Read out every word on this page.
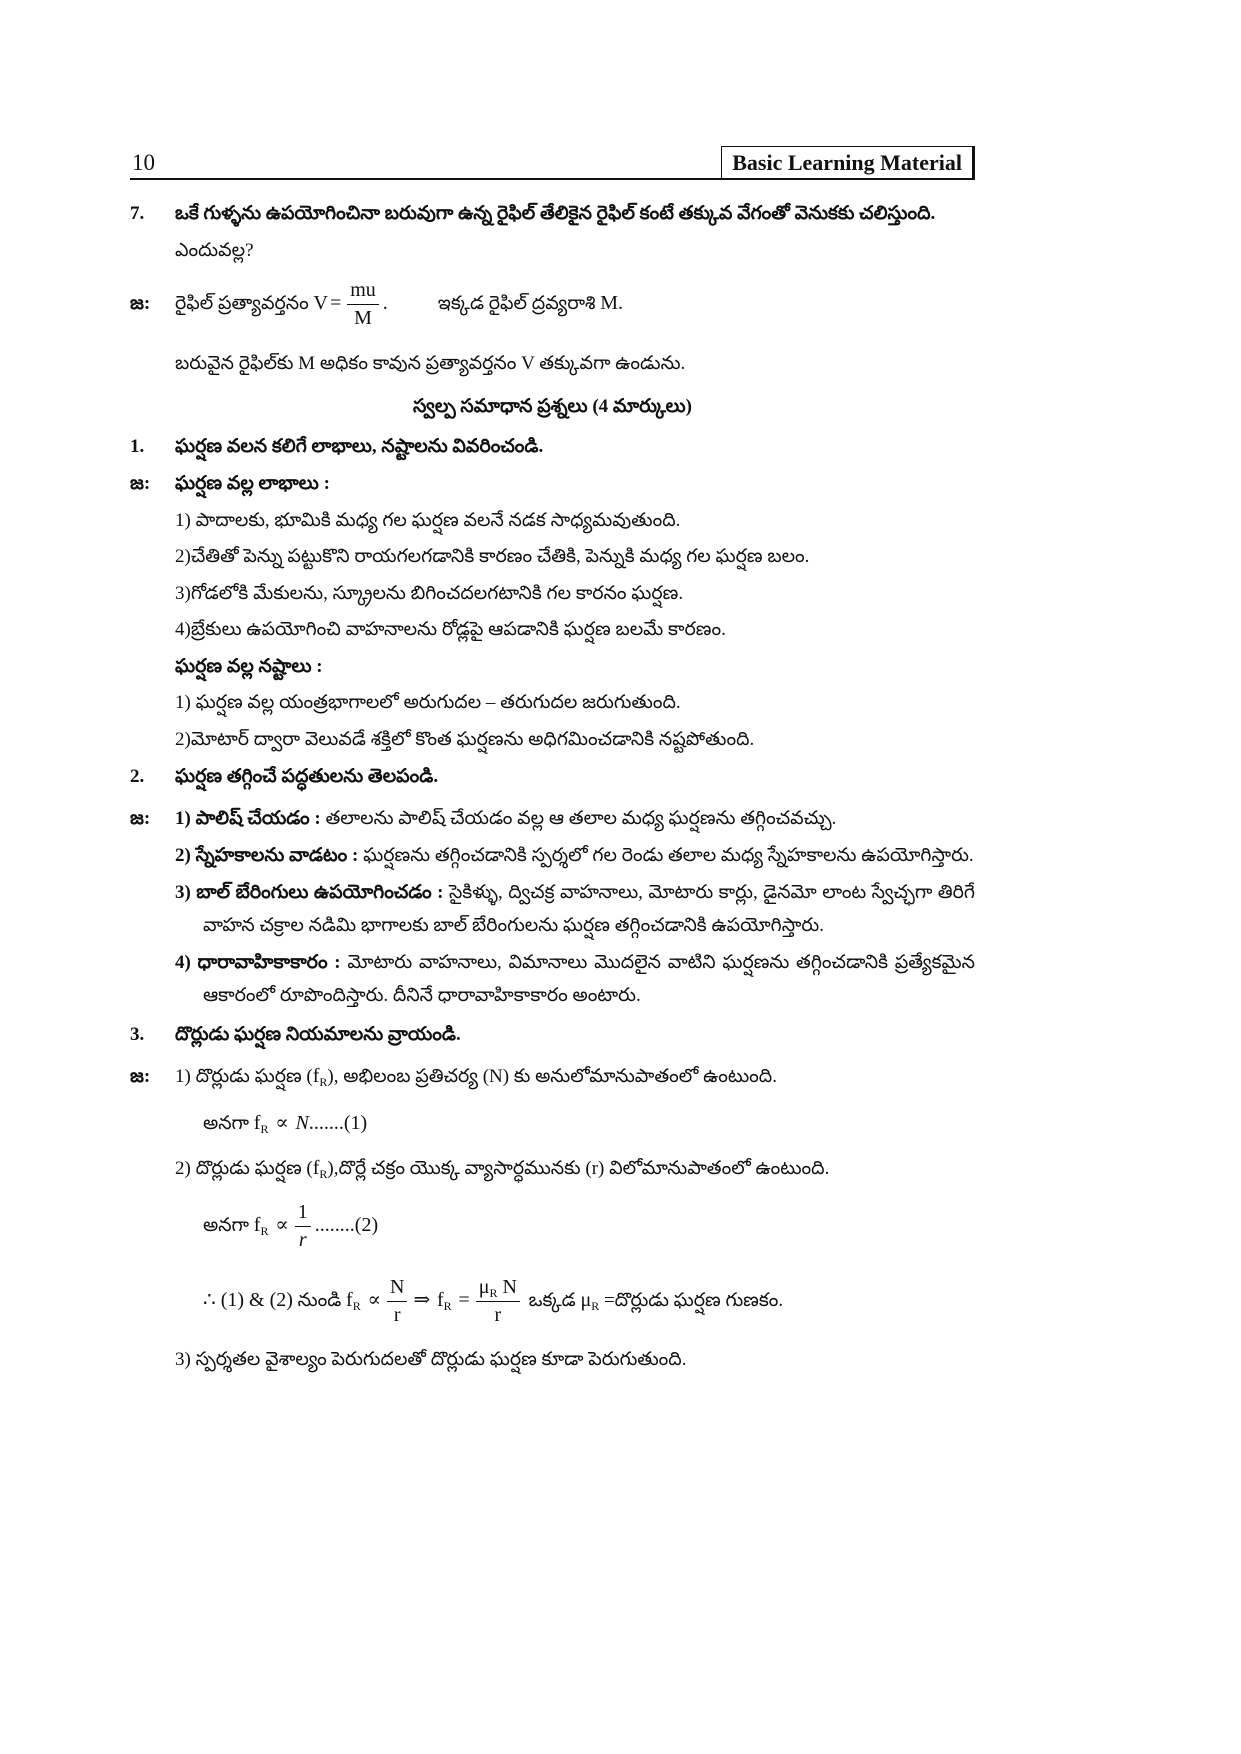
10	Basic Learning Material
7.	ఒకే గుళ్ళను ఉపయోగించినా బరువుగా ఉన్న రైఫిల్ తేలికైన రైఫిల్ కంటే తక్కువ వేగంతో వెనుకకు చలిస్తుంది.
ఎందువల్ల?
జ:	రైఫిల్ ప్రత్యావర్తనం $V = \frac{mu}{M}$ .	ఇక్కడ రైఫిల్ ద్రవ్యరాశి M.
బరువైన రైఫిల్‌కు M అధికం కావున ప్రత్యావర్తనం V తక్కువగా ఉండును.
స్వల్ప సమాధాన ప్రశ్నలు (4 మార్కులు)
1.	ఘర్షణ వలన కలిగే లాభాలు, నష్టాలను వివరించండి.
జ:	ఘర్షణ వల్ల లాభాలు :
1) పాదాలకు, భూమికి మధ్య గల ఘర్షణ వలనే నడక సాధ్యమవుతుంది.
2)చేతితో పెన్ను పట్టుకొని రాయగలగడానికి కారణం చేతికి, పెన్నుకి మధ్య గల ఘర్షణ బలం.
3)గోడలోకి మేకులను, స్క్రూలను బిగించదలగటానికి గల కారనం ఘర్షణ.
4)బ్రేకులు ఉపయోగించి వాహనాలను రోడ్లపై ఆపడానికి ఘర్షణ బలమే కారణం.
ఘర్షణ వల్ల నష్టాలు :
1) ఘర్షణ వల్ల యంత్రభాగాలలో అరుగుదల – తరుగుదల జరుగుతుంది.
2)మోటార్ ద్వారా వెలువడే శక్తిలో కొంత ఘర్షణను అధిగమించడానికి నష్టపోతుంది.
2.	ఘర్షణ తగ్గించే పద్ధతులను తెలపండి.
జ:	1) పాలిష్ చేయడం : తలాలను పాలిష్ చేయడం వల్ల ఆ తలాల మధ్య ఘర్షణను తగ్గించవచ్చు.
2) స్నేహకాలను వాడటం : ఘర్షణను తగ్గించడానికి స్పర్శలో గల రెండు తలాల మధ్య స్నేహకాలను ఉపయోగిస్తారు.
3) బాల్ బేరింగులు ఉపయోగించడం : సైకిళ్ళు, ద్విచక్ర వాహనాలు, మోటారు కార్లు, డైనమో లాంట స్వేచ్ఛగా తిరిగే వాహన చక్రాల నడిమి భాగాలకు బాల్ బేరింగులను ఘర్షణ తగ్గించడానికి ఉపయోగిస్తారు.
4) ధారావాహికాకారం : మోటారు వాహనాలు, విమానాలు మొదలైన వాటిని ఘర్షణను తగ్గించడానికి ప్రత్యేకమైన ఆకారంలో రూపొందిస్తారు. దీనినే ధారావాహికాకారం అంటారు.
3.	దొర్లుడు ఘర్షణ నియమాలను వ్రాయండి.
జ:	1) దొర్లుడు ఘర్షణ $(f_R)$, అభిలంబ ప్రతిచర్య (N) కు అనులోమానుపాతంలో ఉంటుంది.
అనగా $f_R \propto N.......(1)$
2) దొర్లుడు ఘర్షణ $(f_R),దొర్లే$ చక్రం యొక్క వ్యాసార్ధమునకు (r) విలోమానుపాతంలో ఉంటుంది.
అనగా $f_R \propto \frac{1}{r} ........(2)$
∴ (1) & (2) నుండి $f_R \propto \frac{N}{r}$ ⇒ $f_R = \frac{\mu_R N}{r}$ ఒక్కడ $\mu_R$ =దొర్లుడు ఘర్షణ గుణకం.
3) స్పర్శతల వైశాల్యం పెరుగుదలతో దొర్లుడు ఘర్షణ కూడా పెరుగుతుంది.
